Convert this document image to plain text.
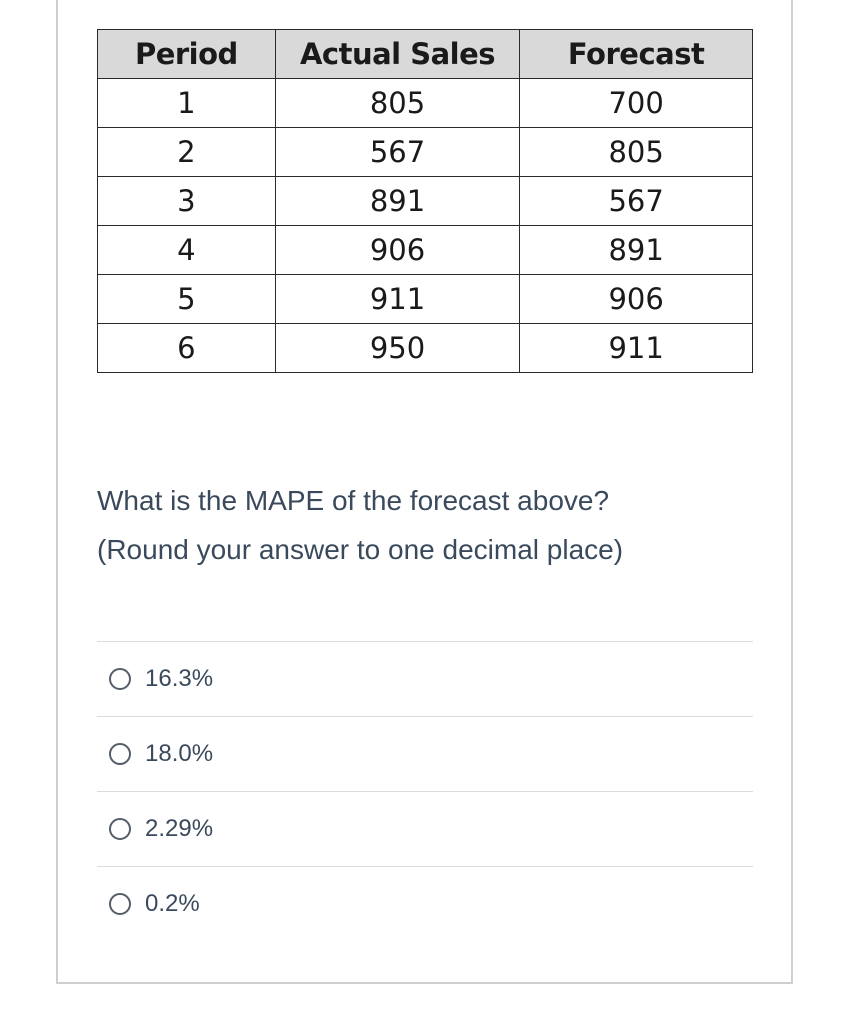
Period	Actual Sales	Forecast
1	805	700
2	567	805
3	891	567
4	906	891
5	911	906
6	950	911
What is the MAPE of the forecast above?
(Round your answer to one decimal place)
16.3%
18.0%
2.29%
0.2%
